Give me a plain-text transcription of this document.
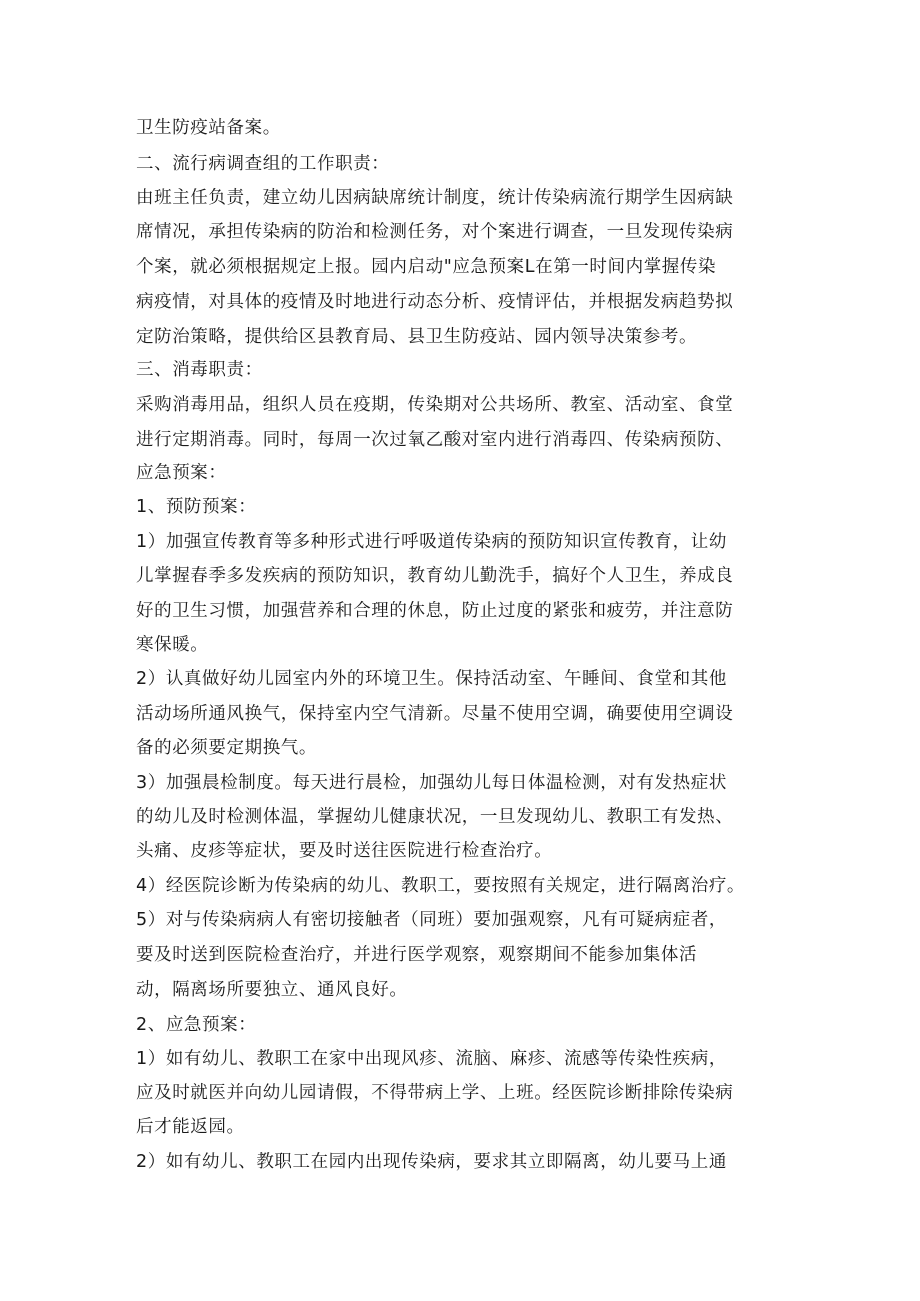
卫生防疫站备案。
二、流行病调查组的工作职责：
由班主任负责，建立幼儿因病缺席统计制度，统计传染病流行期学生因病缺
席情况，承担传染病的防治和检测任务，对个案进行调查，一旦发现传染病
个案，就必须根据规定上报。园内启动"应急预案L在第一时间内掌握传染
病疫情，对具体的疫情及时地进行动态分析、疫情评估，并根据发病趋势拟
定防治策略，提供给区县教育局、县卫生防疫站、园内领导决策参考。
三、消毒职责：
采购消毒用品，组织人员在疫期，传染期对公共场所、教室、活动室、食堂
进行定期消毒。同时，每周一次过氧乙酸对室内进行消毒四、传染病预防、
应急预案：
1、预防预案：
1）加强宣传教育等多种形式进行呼吸道传染病的预防知识宣传教育，让幼
儿掌握春季多发疾病的预防知识，教育幼儿勤洗手，搞好个人卫生，养成良
好的卫生习惯，加强营养和合理的休息，防止过度的紧张和疲劳，并注意防
寒保暖。
2）认真做好幼儿园室内外的环境卫生。保持活动室、午睡间、食堂和其他
活动场所通风换气，保持室内空气清新。尽量不使用空调，确要使用空调设
备的必须要定期换气。
3）加强晨检制度。每天进行晨检，加强幼儿每日体温检测，对有发热症状
的幼儿及时检测体温，掌握幼儿健康状况，一旦发现幼儿、教职工有发热、
头痛、皮疹等症状，要及时送往医院进行检查治疗。
4）经医院诊断为传染病的幼儿、教职工，要按照有关规定，进行隔离治疗。
5）对与传染病病人有密切接触者（同班）要加强观察，凡有可疑病症者，
要及时送到医院检查治疗，并进行医学观察，观察期间不能参加集体活
动，隔离场所要独立、通风良好。
2、应急预案：
1）如有幼儿、教职工在家中出现风疹、流脑、麻疹、流感等传染性疾病，
应及时就医并向幼儿园请假，不得带病上学、上班。经医院诊断排除传染病
后才能返园。
2）如有幼儿、教职工在园内出现传染病，要求其立即隔离，幼儿要马上通
